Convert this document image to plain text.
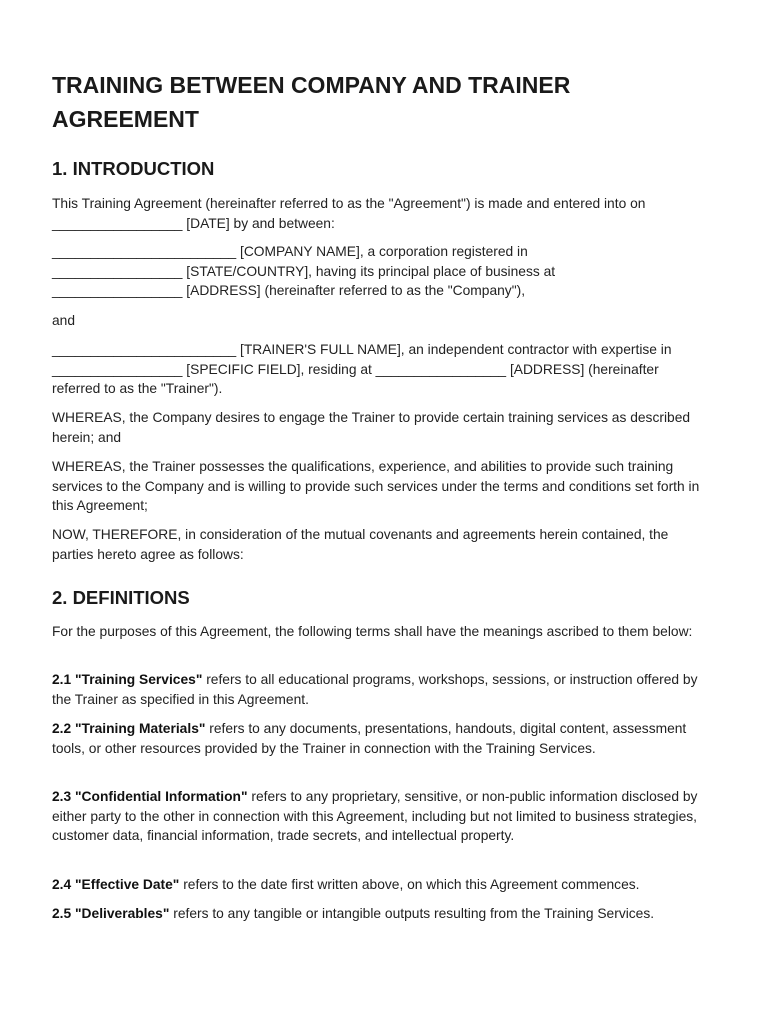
TRAINING BETWEEN COMPANY AND TRAINER AGREEMENT
1. INTRODUCTION

This Training Agreement (hereinafter referred to as the "Agreement") is made and entered into on _________________ [DATE] by and between:

________________________ [COMPANY NAME], a corporation registered in _________________ [STATE/COUNTRY], having its principal place of business at _________________ [ADDRESS] (hereinafter referred to as the "Company"),

and

________________________ [TRAINER'S FULL NAME], an independent contractor with expertise in _________________ [SPECIFIC FIELD], residing at _________________ [ADDRESS] (hereinafter referred to as the "Trainer").

WHEREAS, the Company desires to engage the Trainer to provide certain training services as described herein; and

WHEREAS, the Trainer possesses the qualifications, experience, and abilities to provide such training services to the Company and is willing to provide such services under the terms and conditions set forth in this Agreement;

NOW, THEREFORE, in consideration of the mutual covenants and agreements herein contained, the parties hereto agree as follows:

2. DEFINITIONS

For the purposes of this Agreement, the following terms shall have the meanings ascribed to them below:

2.1 "Training Services" refers to all educational programs, workshops, sessions, or instruction offered by the Trainer as specified in this Agreement.

2.2 "Training Materials" refers to any documents, presentations, handouts, digital content, assessment tools, or other resources provided by the Trainer in connection with the Training Services.

2.3 "Confidential Information" refers to any proprietary, sensitive, or non-public information disclosed by either party to the other in connection with this Agreement, including but not limited to business strategies, customer data, financial information, trade secrets, and intellectual property.

2.4 "Effective Date" refers to the date first written above, on which this Agreement commences.

2.5 "Deliverables" refers to any tangible or intangible outputs resulting from the Training Services.
